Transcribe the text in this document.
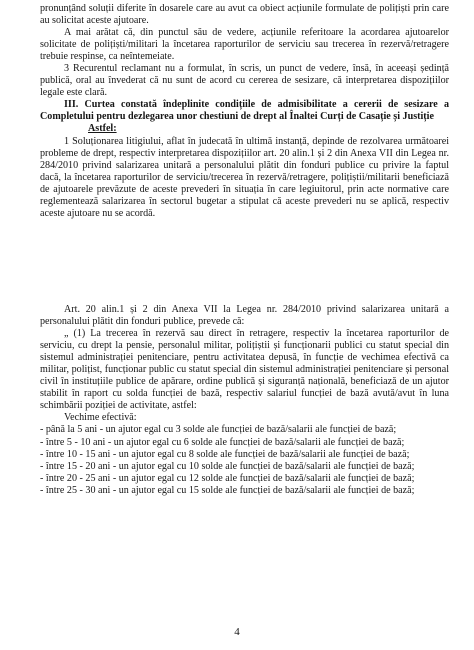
pronunțând soluții diferite în dosarele care au avut ca obiect acțiunile formulate de polițiști prin care au solicitat aceste ajutoare.

A mai arătat că, din punctul său de vedere, acțiunile referitoare la acordarea ajutoarelor solicitate de polițiști/militari la încetarea raporturilor de serviciu sau trecerea în rezervă/retragere trebuie respinse, ca neîntemeiate.

3 Recurentul reclamant nu a formulat, în scris, un punct de vedere, însă, în aceeași ședință publică, oral au învederat că nu sunt de acord cu cererea de sesizare, că interpretarea dispozițiilor legale este clară.

III. Curtea constată îndeplinite condițiile de admisibilitate a cererii de sesizare a Completului pentru dezlegarea unor chestiuni de drept al Înaltei Curți de Casație și Justiție

Astfel:

1 Soluționarea litigiului, aflat în judecată în ultimă instanță, depinde de rezolvarea următoarei probleme de drept, respectiv interpretarea dispozițiilor art. 20 alin.1 și 2 din Anexa VII din Legea nr. 284/2010 privind salarizarea unitară a personalului plătit din fonduri publice cu privire la faptul dacă, la încetarea raporturilor de serviciu/trecerea în rezervă/retragere, polițiștii/militarii beneficiază de ajutoarele prevăzute de aceste prevederi în situația în care legiuitorul, prin acte normative care reglementează salarizarea în sectorul bugetar a stipulat că aceste prevederi nu se aplică, respectiv aceste ajutoare nu se acordă.

Art. 20 alin.1 și 2 din Anexa VII la Legea nr. 284/2010 privind salarizarea unitară a personalului plătit din fonduri publice, prevede că:

„ (1) La trecerea în rezervă sau direct în retragere, respectiv la încetarea raporturilor de serviciu, cu drept la pensie, personalul militar, polițiștii și funcționarii publici cu statut special din sistemul administrației penitenciare, pentru activitatea depusă, în funcție de vechimea efectivă ca militar, polițist, funcționar public cu statut special din sistemul administrației penitenciare și personal civil în instituțiile publice de apărare, ordine publică și siguranță națională, beneficiază de un ajutor stabilit în raport cu solda funcției de bază, respectiv salariul funcției de bază avută/avut în luna schimbării poziției de activitate, astfel:

Vechime efectivă:

- până la 5 ani - un ajutor egal cu 3 solde ale funcției de bază/salarii ale funcției de bază;

- între 5 - 10 ani - un ajutor egal cu 6 solde ale funcției de bază/salarii ale funcției de bază;

- între 10 - 15 ani - un ajutor egal cu 8 solde ale funcției de bază/salarii ale funcției de bază;

- între 15 - 20 ani - un ajutor egal cu 10 solde ale funcției de bază/salarii ale funcției de bază;

- între 20 - 25 ani - un ajutor egal cu 12 solde ale funcției de bază/salarii ale funcției de bază;

- între 25 - 30 ani - un ajutor egal cu 15 solde ale funcției de bază/salarii ale funcției de bază;

4
